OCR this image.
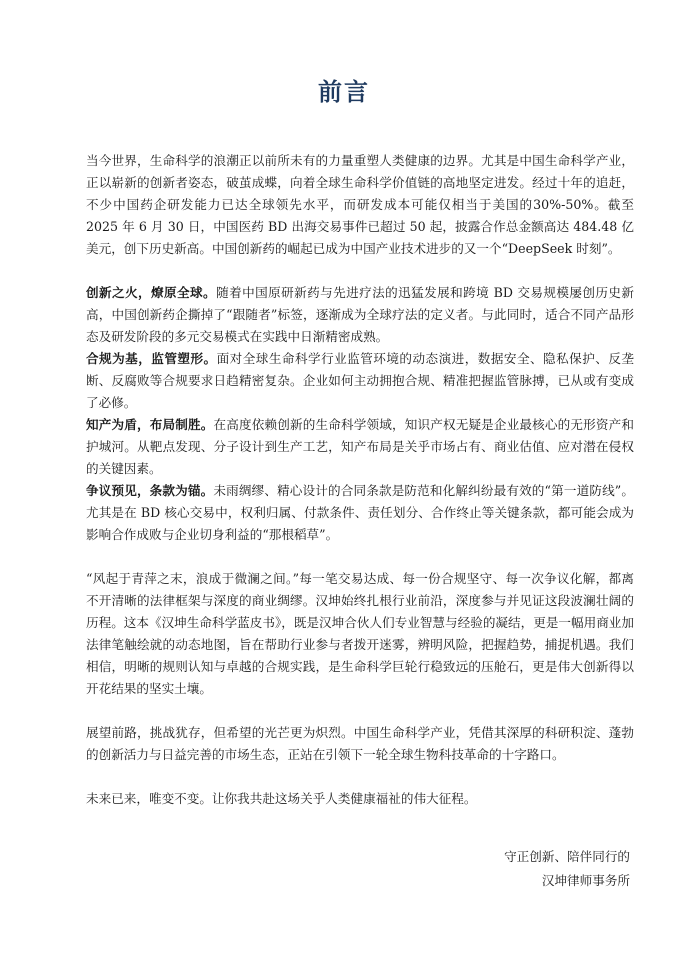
前言

当今世界，生命科学的浪潮正以前所未有的力量重塑人类健康的边界。尤其是中国生命科学产业，正以崭新的创新者姿态，破茧成蝶，向着全球生命科学价值链的高地坚定进发。经过十年的追赶，不少中国药企研发能力已达全球领先水平，而研发成本可能仅相当于美国的30%-50%。截至 2025 年 6 月 30 日，中国医药 BD 出海交易事件已超过 50 起，披露合作总金额高达 484.48 亿美元，创下历史新高。中国创新药的崛起已成为中国产业技术进步的又一个“DeepSeek 时刻”。

创新之火，燎原全球。随着中国原研新药与先进疗法的迅猛发展和跨境 BD 交易规模屡创历史新高，中国创新药企撕掉了“跟随者”标签，逐渐成为全球疗法的定义者。与此同时，适合不同产品形态及研发阶段的多元交易模式在实践中日渐精密成熟。

合规为基，监管塑形。面对全球生命科学行业监管环境的动态演进，数据安全、隐私保护、反垄断、反腐败等合规要求日趋精密复杂。企业如何主动拥抱合规、精准把握监管脉搏，已从或有变成了必修。

知产为盾，布局制胜。在高度依赖创新的生命科学领域，知识产权无疑是企业最核心的无形资产和护城河。从靶点发现、分子设计到生产工艺，知产布局是关乎市场占有、商业估值、应对潜在侵权的关键因素。

争议预见，条款为锚。未雨绸缪、精心设计的合同条款是防范和化解纠纷最有效的“第一道防线”。尤其是在 BD 核心交易中，权利归属、付款条件、责任划分、合作终止等关键条款，都可能会成为影响合作成败与企业切身利益的“那根稻草”。

“风起于青萍之末，浪成于微澜之间。”每一笔交易达成、每一份合规坚守、每一次争议化解，都离不开清晰的法律框架与深度的商业绸缪。汉坤始终扎根行业前沿，深度参与并见证这段波澜壮阔的历程。这本《汉坤生命科学蓝皮书》，既是汉坤合伙人们专业智慧与经验的凝结，更是一幅用商业加法律笔触绘就的动态地图，旨在帮助行业参与者拨开迷雾，辨明风险，把握趋势，捕捉机遇。我们相信，明晰的规则认知与卓越的合规实践，是生命科学巨轮行稳致远的压舱石，更是伟大创新得以开花结果的坚实土壤。

展望前路，挑战犹存，但希望的光芒更为炽烈。中国生命科学产业，凭借其深厚的科研积淀、蓬勃的创新活力与日益完善的市场生态，正站在引领下一轮全球生物科技革命的十字路口。

未来已来，唯变不变。让你我共赴这场关乎人类健康福祉的伟大征程。

守正创新、陪伴同行的
汉坤律师事务所
